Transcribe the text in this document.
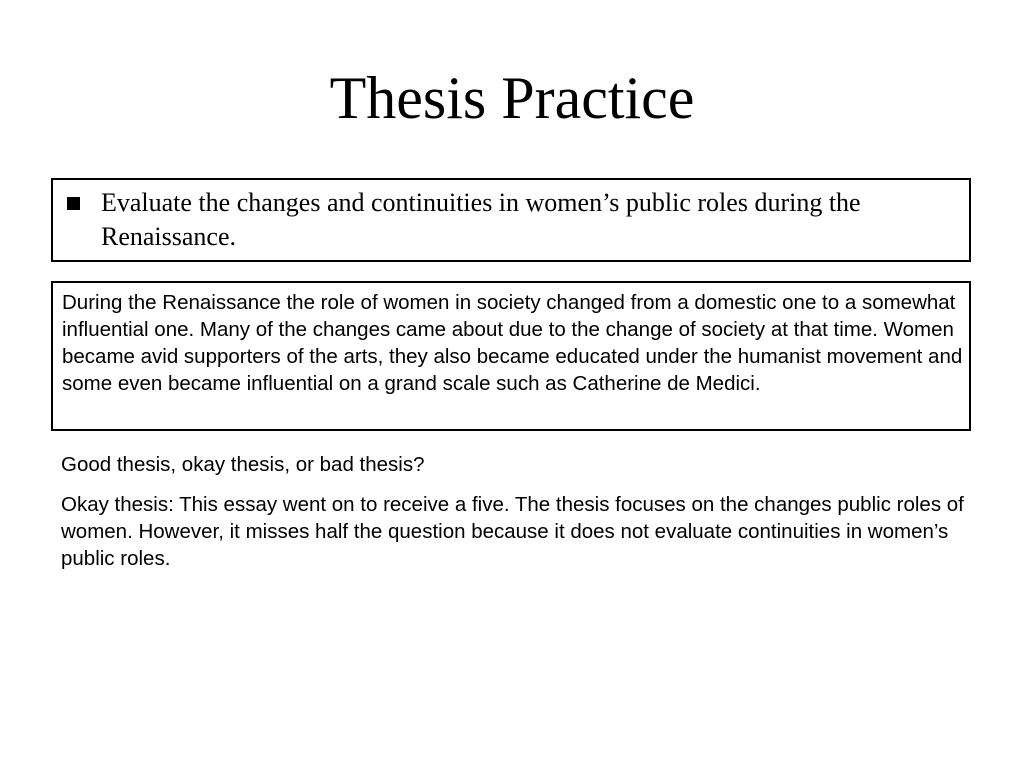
Thesis Practice
Evaluate the changes and continuities in women’s public roles during the Renaissance.
During the Renaissance the role of women in society changed from a domestic one to a somewhat influential one. Many of the changes came about due to the change of society at that time. Women became avid supporters of the arts, they also became educated under the humanist movement and some even became influential on a grand scale such as Catherine de Medici.
Good thesis, okay thesis, or bad thesis?
Okay thesis: This essay went on to receive a five. The thesis focuses on the changes public roles of women. However, it misses half the question because it does not evaluate continuities in women’s public roles.
